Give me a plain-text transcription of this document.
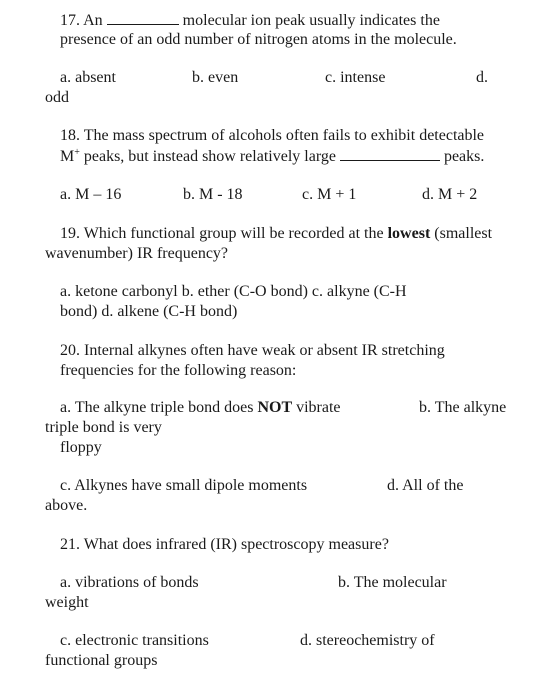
17. An	molecular ion peak usually indicates the
presence of an odd number of nitrogen atoms in the molecule.
a. absent	b. even	c. intense	d.
odd
18. The mass spectrum of alcohols often fails to exhibit detectable
M+ peaks, but instead show relatively large	peaks.
a. M – 16	b. M - 18	c. M + 1	d. M + 2
19. Which functional group will be recorded at the lowest (smallest
wavenumber) IR frequency?
a. ketone carbonyl b. ether (C-O bond) c. alkyne (C-H
bond) d. alkene (C-H bond)
20. Internal alkynes often have weak or absent IR stretching
frequencies for the following reason:
a. The alkyne triple bond does NOT vibrate	b. The alkyne
triple bond is very
floppy
c. Alkynes have small dipole moments	d. All of the
above.
21. What does infrared (IR) spectroscopy measure?
a. vibrations of bonds	b. The molecular
weight
c. electronic transitions	d. stereochemistry of
functional groups
